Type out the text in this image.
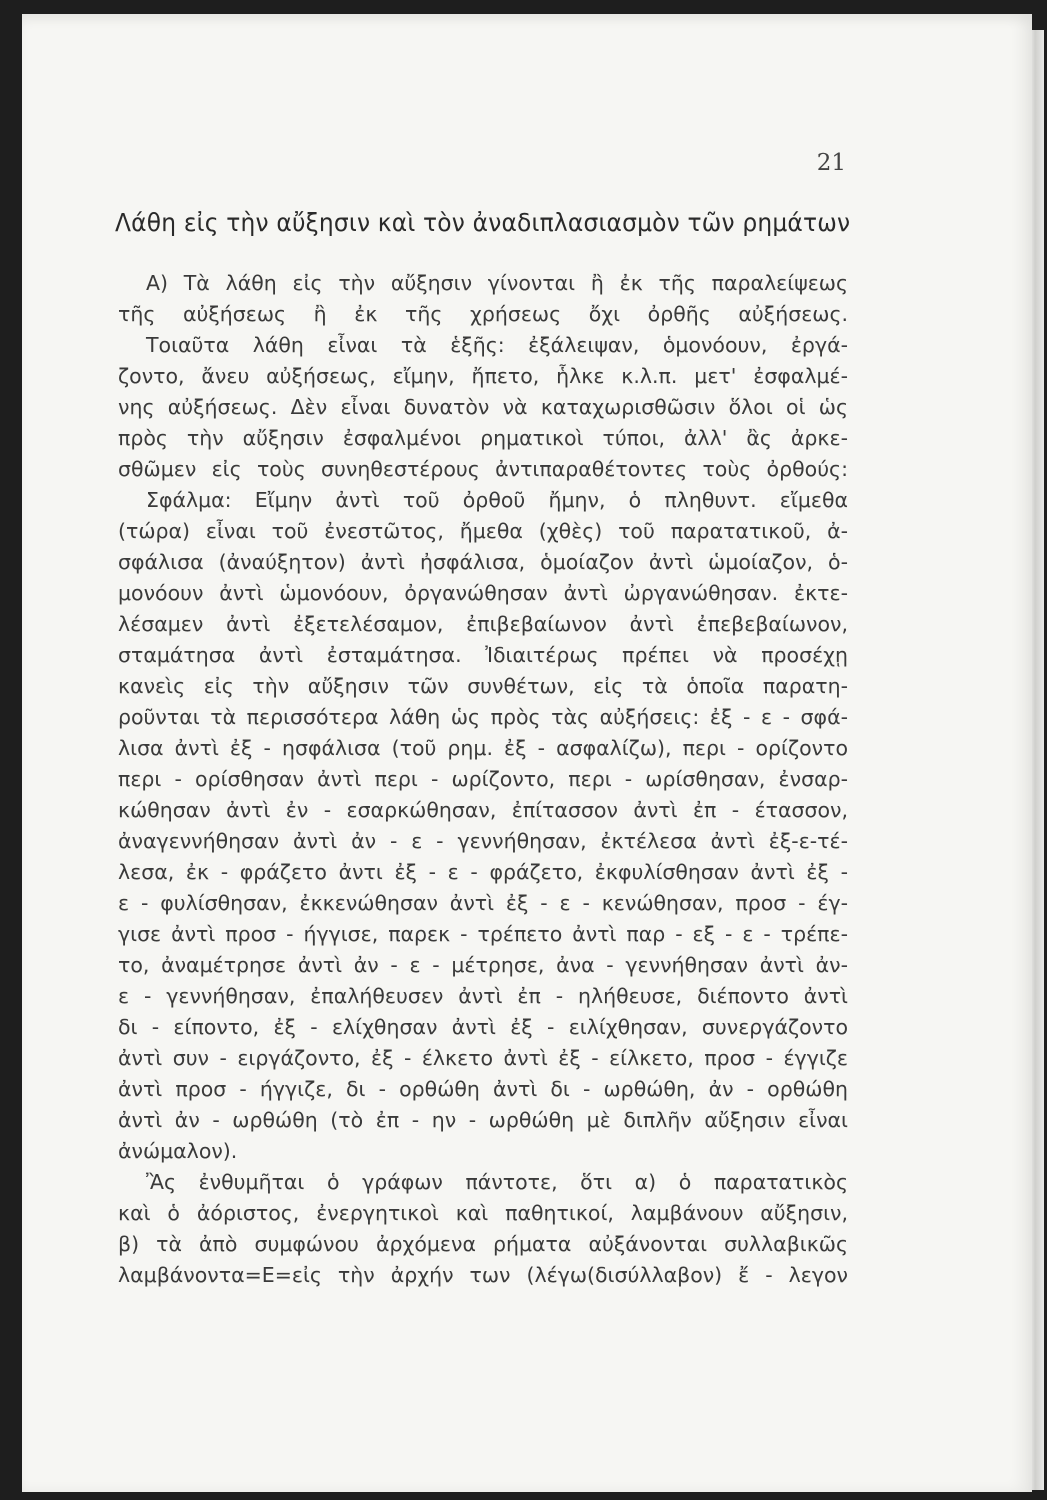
21
Λάθη εἰς τὴν αὔξησιν καὶ τὸν ἀναδιπλασιασμὸν τῶν ρημάτων
Α) Τὰ λάθη εἰς τὴν αὔξησιν γίνονται ἢ ἐκ τῆς παραλείψεως
τῆς αὐξήσεως ἢ ἐκ τῆς χρήσεως ὄχι ὀρθῆς αὐξήσεως.
Τοιαῦτα λάθη εἶναι τὰ ἑξῆς: ἐξάλειψαν, ὁμονόουν, ἐργά-
ζοντο, ἄνευ αὐξήσεως, εἴμην, ἤπετο, ἧλκε κ.λ.π. μετ' ἐσφαλμέ-
νης αὐξήσεως. Δὲν εἶναι δυνατὸν νὰ καταχωρισθῶσιν ὅλοι οἱ ὡς
πρὸς τὴν αὔξησιν ἐσφαλμένοι ρηματικοὶ τύποι, ἀλλ' ἂς ἀρκε-
σθῶμεν εἰς τοὺς συνηθεστέρους ἀντιπαραθέτοντες τοὺς ὀρθούς:
Σφάλμα: Εἴμην ἀντὶ τοῦ ὀρθοῦ ἤμην, ὁ πληθυντ. εἴμεθα
(τώρα) εἶναι τοῦ ἐνεστῶτος, ἤμεθα (χθὲς) τοῦ παρατατικοῦ, ἀ-
σφάλισα (ἀναύξητον) ἀντὶ ἠσφάλισα, ὁμοίαζον ἀντὶ ὡμοίαζον, ὁ-
μονόουν ἀντὶ ὡμονόουν, ὀργανώθησαν ἀντὶ ὠργανώθησαν. ἐκτε-
λέσαμεν ἀντὶ ἐξετελέσαμον, ἐπιβεβαίωνον ἀντὶ ἐπεβεβαίωνον,
σταμάτησα ἀντὶ ἐσταμάτησα. Ἰδιαιτέρως πρέπει νὰ προσέχῃ
κανεὶς εἰς τὴν αὔξησιν τῶν συνθέτων, εἰς τὰ ὁποῖα παρατη-
ροῦνται τὰ περισσότερα λάθη ὡς πρὸς τὰς αὐξήσεις: ἐξ - ε - σφά-
λισα ἀντὶ ἐξ - ησφάλισα (τοῦ ρημ. ἐξ - ασφαλίζω), περι - ορίζοντο
περι - ορίσθησαν ἀντὶ περι - ωρίζοντο, περι - ωρίσθησαν, ἐνσαρ-
κώθησαν ἀντὶ ἐν - εσαρκώθησαν, ἐπίτασσον ἀντὶ ἐπ - έτασσον,
ἀναγεννήθησαν ἀντὶ ἀν - ε - γεννήθησαν, ἐκτέλεσα ἀντὶ ἐξ-ε-τέ-
λεσα, ἐκ - φράζετο ἀντι ἐξ - ε - φράζετο, ἐκφυλίσθησαν ἀντὶ ἐξ -
ε - φυλίσθησαν, ἐκκενώθησαν ἀντὶ ἐξ - ε - κενώθησαν, προσ - έγ-
γισε ἀντὶ προσ - ήγγισε, παρεκ - τρέπετο ἀντὶ παρ - εξ - ε - τρέπε-
το, ἀναμέτρησε ἀντὶ ἀν - ε - μέτρησε, ἀνα - γεννήθησαν ἀντὶ ἀν-
ε - γεννήθησαν, ἐπαλήθευσεν ἀντὶ ἐπ - ηλήθευσε, διέποντο ἀντὶ
δι - είποντο, ἐξ - ελίχθησαν ἀντὶ ἐξ - ειλίχθησαν, συνεργάζοντο
ἀντὶ συν - ειργάζοντο, ἐξ - έλκετο ἀντὶ ἐξ - είλκετο, προσ - έγγιζε
ἀντὶ προσ - ήγγιζε, δι - ορθώθη ἀντὶ δι - ωρθώθη, ἀν - ορθώθη
ἀντὶ ἀν - ωρθώθη (τὸ ἐπ - ην - ωρθώθη μὲ διπλῆν αὔξησιν εἶναι
ἀνώμαλον).
Ἂς ἐνθυμῆται ὁ γράφων πάντοτε, ὅτι α) ὁ παρατατικὸς
καὶ ὁ ἀόριστος, ἐνεργητικοὶ καὶ παθητικοί, λαμβάνουν αὔξησιν,
β) τὰ ἀπὸ συμφώνου ἀρχόμενα ρήματα αὐξάνονται συλλαβικῶς
λαμβάνοντα=Ε=εἰς τὴν ἀρχήν των (λέγω(δισύλλαβον) ἔ - λεγον
